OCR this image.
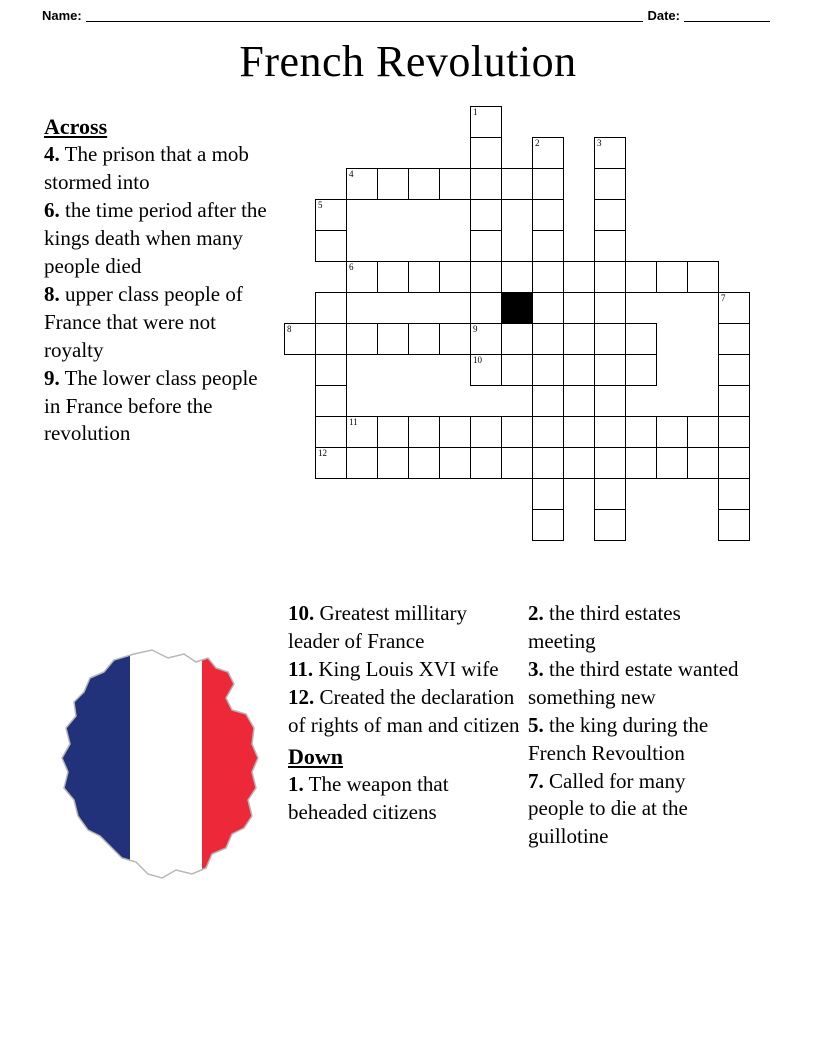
Name:	Date:
French Revolution
Across

4. The prison that a mob stormed into

6. the time period after the kings death when many people died

8. upper class people of France that were not royalty

9. The lower class people in France before the revolution

1
2	3
4
5
6
7
8	9
10
11
12

10. Greatest millitary leader of France

11. King Louis XVI wife

12. Created the declaration of rights of man and citizen

Down

1. The weapon that beheaded citizens

2. the third estates meeting

3. the third estate wanted something new

5. the king during the French Revoultion

7. Called for many people to die at the guillotine
